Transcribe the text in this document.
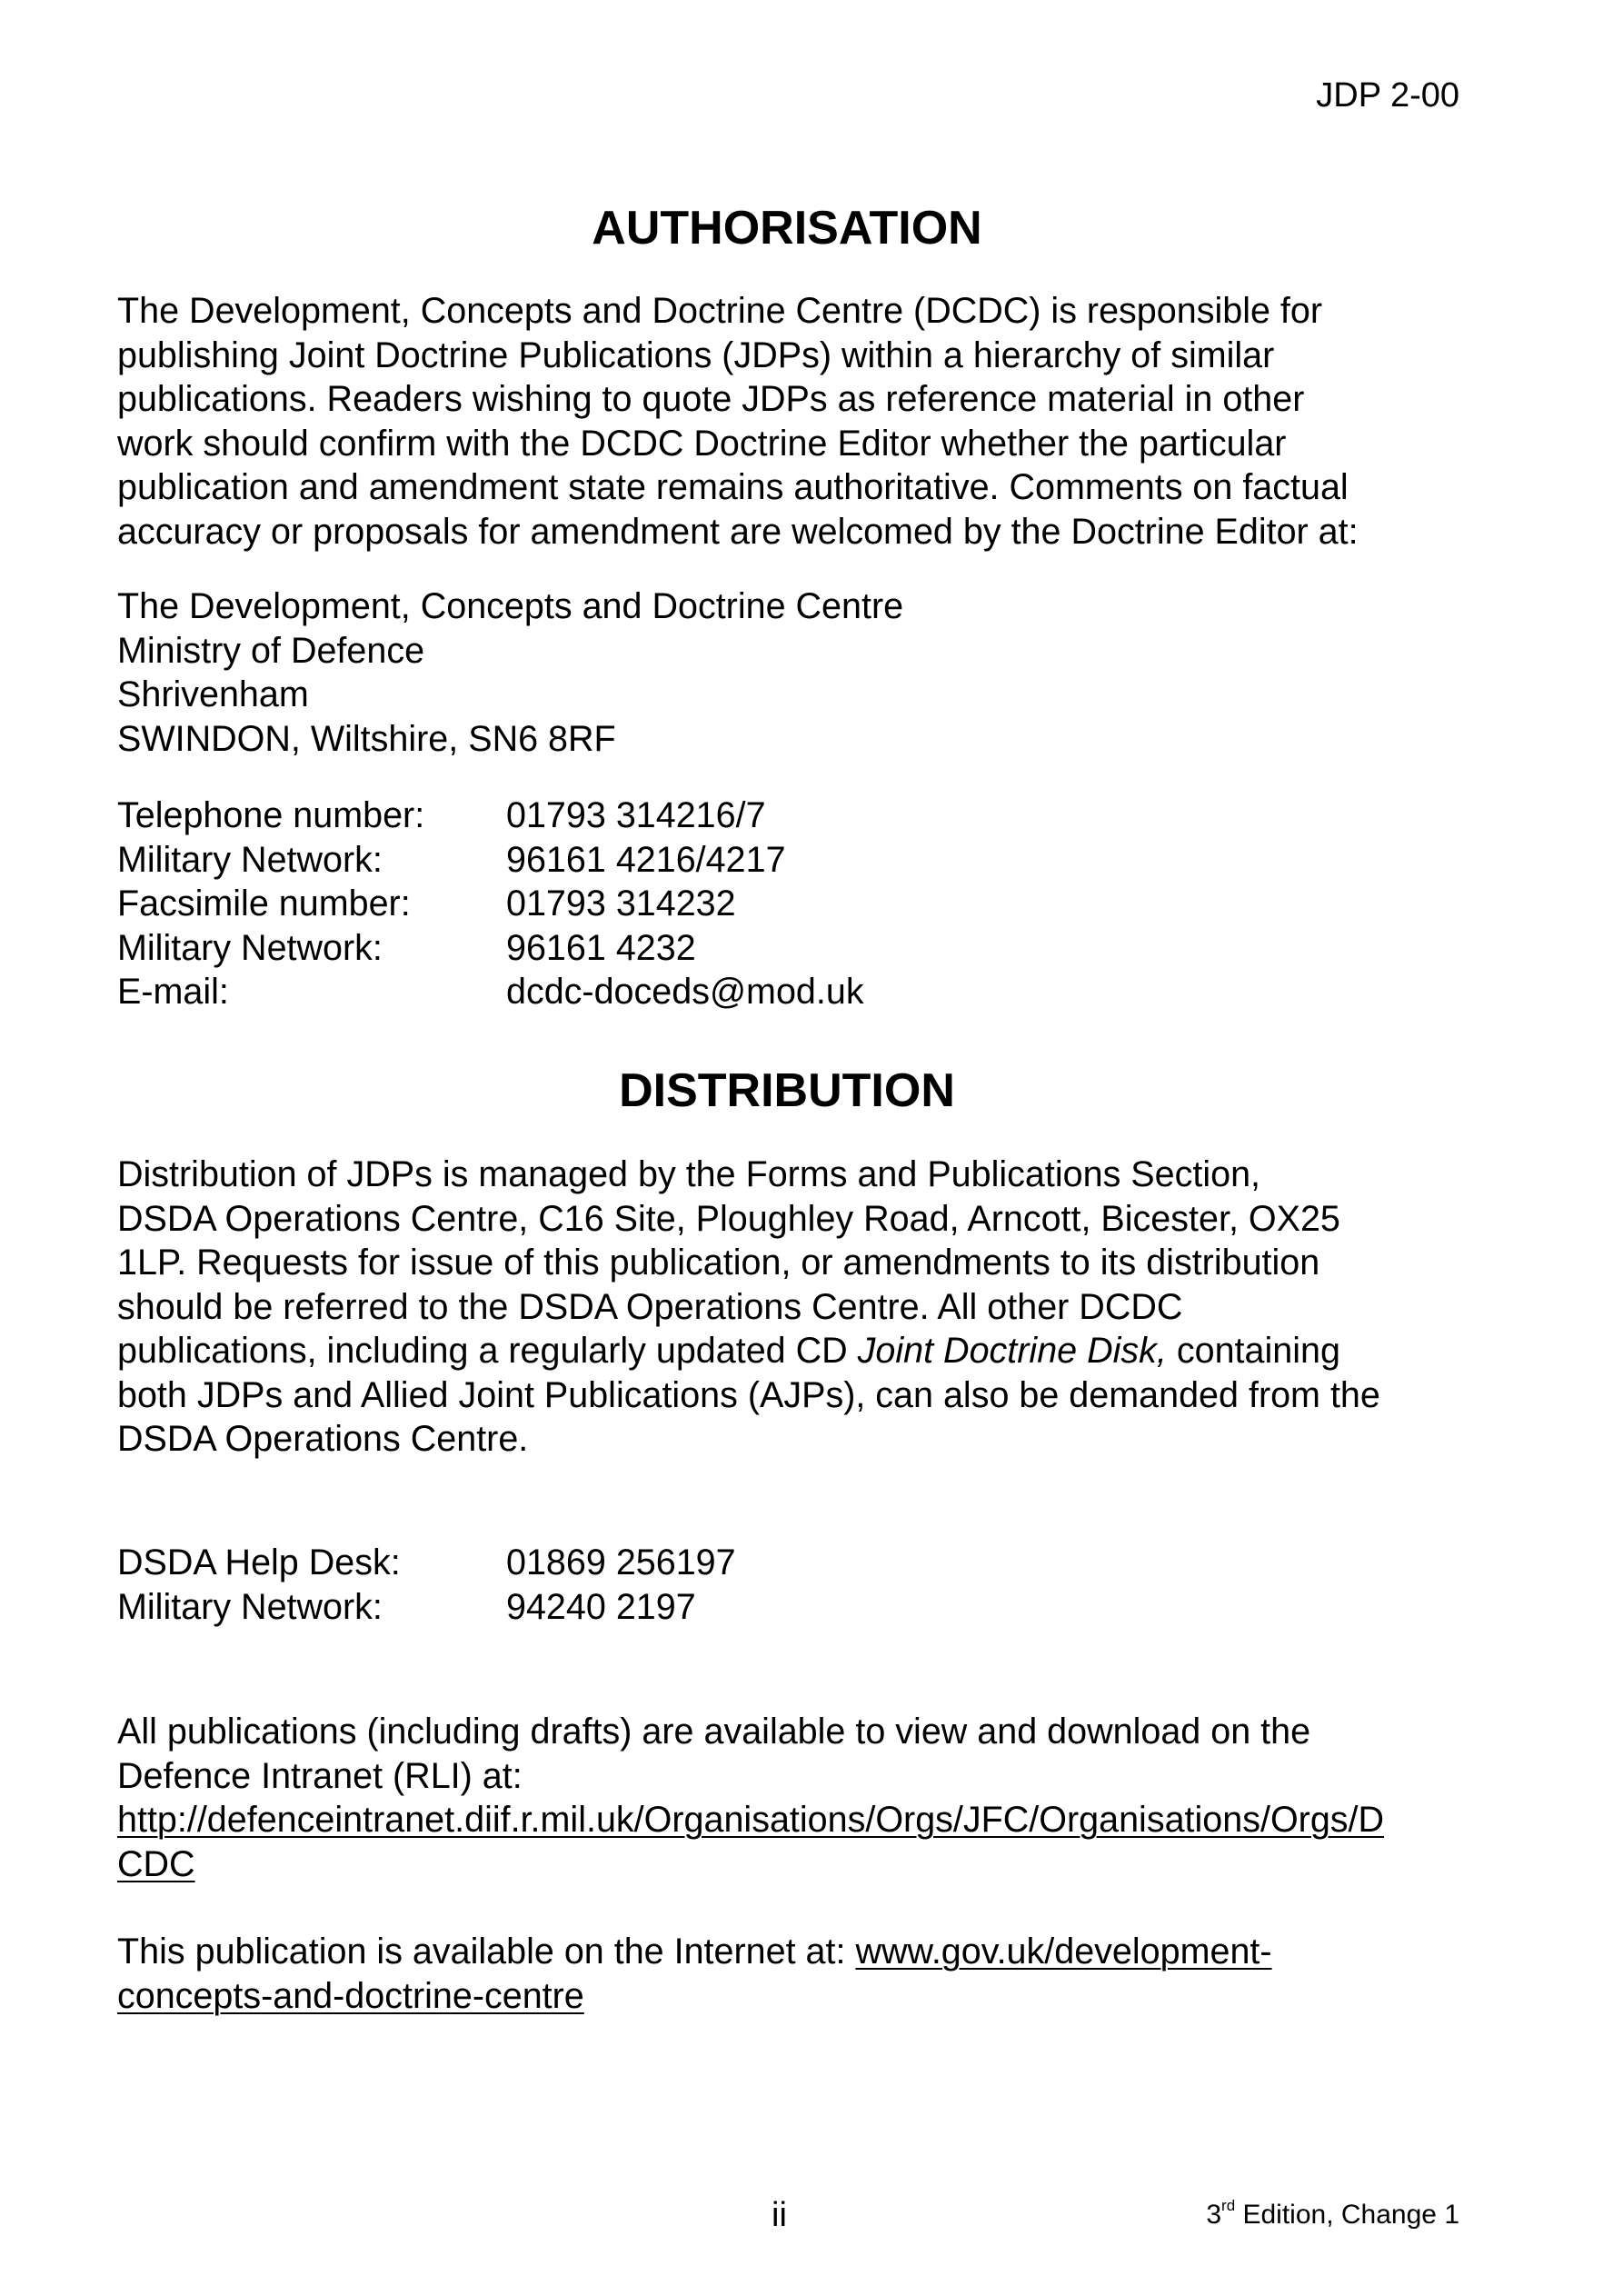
JDP 2-00
AUTHORISATION
The Development, Concepts and Doctrine Centre (DCDC) is responsible for
publishing Joint Doctrine Publications (JDPs) within a hierarchy of similar
publications. Readers wishing to quote JDPs as reference material in other
work should confirm with the DCDC Doctrine Editor whether the particular
publication and amendment state remains authoritative. Comments on factual
accuracy or proposals for amendment are welcomed by the Doctrine Editor at:
The Development, Concepts and Doctrine Centre
Ministry of Defence
Shrivenham
SWINDON, Wiltshire, SN6 8RF
Telephone number:	01793 314216/7
Military Network:	96161 4216/4217
Facsimile number:	01793 314232
Military Network:	96161 4232
E-mail:	dcdc-doceds@mod.uk
DISTRIBUTION
Distribution of JDPs is managed by the Forms and Publications Section,
DSDA Operations Centre, C16 Site, Ploughley Road, Arncott, Bicester, OX25
1LP. Requests for issue of this publication, or amendments to its distribution
should be referred to the DSDA Operations Centre. All other DCDC
publications, including a regularly updated CD Joint Doctrine Disk, containing
both JDPs and Allied Joint Publications (AJPs), can also be demanded from the
DSDA Operations Centre.
DSDA Help Desk:	01869 256197
Military Network:	94240 2197
All publications (including drafts) are available to view and download on the
Defence Intranet (RLI) at:
http://defenceintranet.diif.r.mil.uk/Organisations/Orgs/JFC/Organisations/Orgs/D
CDC
This publication is available on the Internet at: www.gov.uk/development-
concepts-and-doctrine-centre
ii	3rd Edition, Change 1
